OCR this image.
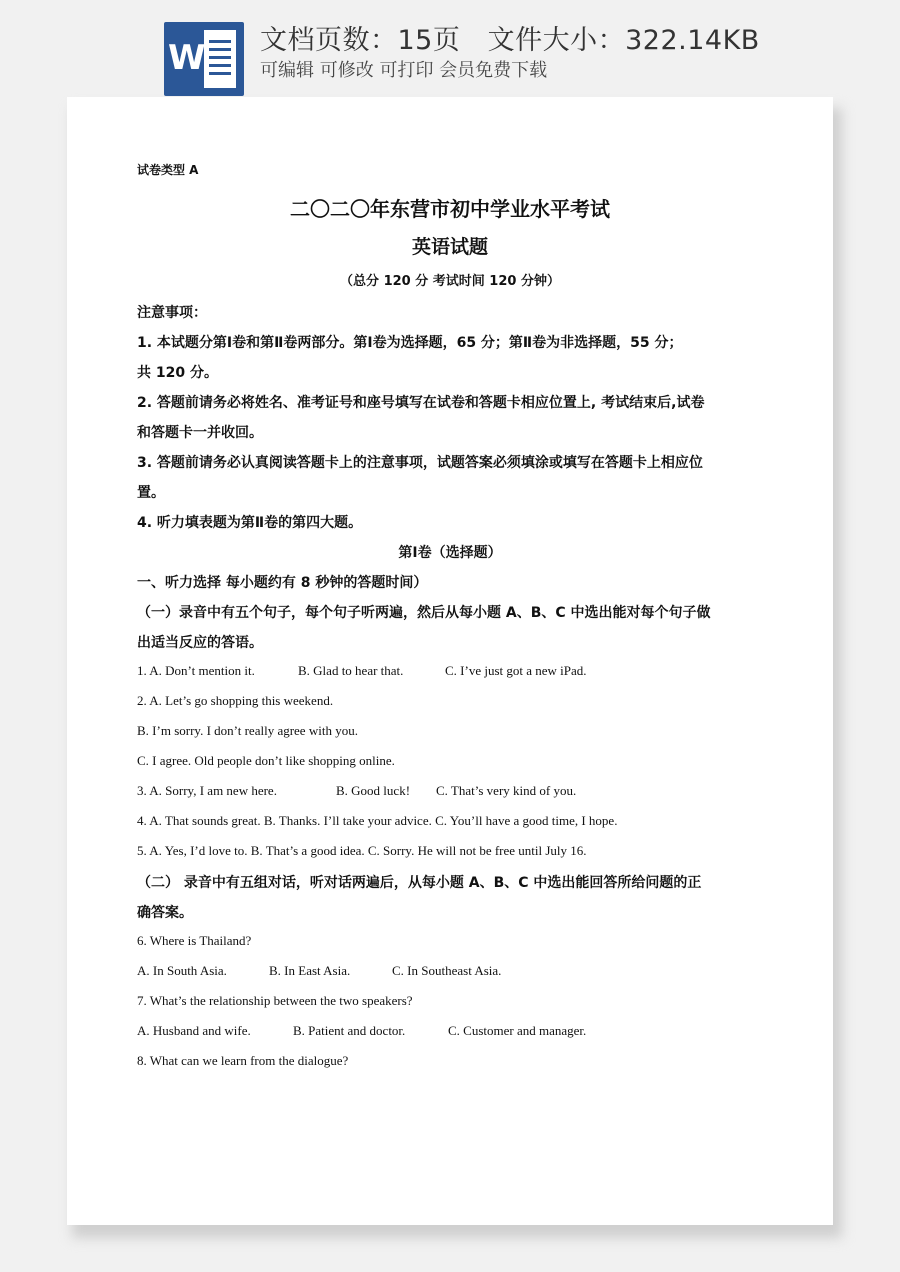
W 文档页数：15页   文件大小：322.14KB
可编辑 可修改 可打印 会员免费下载
试卷类型 A
二〇二〇年东营市初中学业水平考试
英语试题
（总分 120 分 考试时间 120 分钟）
注意事项：
1. 本试题分第Ⅰ卷和第Ⅱ卷两部分。第Ⅰ卷为选择题，65 分；第Ⅱ卷为非选择题，55 分；
共 120 分。
2. 答题前请务必将姓名、准考证号和座号填写在试卷和答题卡相应位置上, 考试结束后,试卷
和答题卡一并收回。
3. 答题前请务必认真阅读答题卡上的注意事项，试题答案必须填涂或填写在答题卡上相应位
置。
4. 听力填表题为第Ⅱ卷的第四大题。
第Ⅰ卷（选择题）
一、听力选择 每小题约有 8 秒钟的答题时间）
（一）录音中有五个句子，每个句子听两遍，然后从每小题 A、B、C 中选出能对每个句子做
出适当反应的答语。
1. A. Don’t mention it.	B. Glad to hear that.	C. I’ve just got a new iPad.
2. A. Let’s go shopping this weekend.
B. I’m sorry. I don’t really agree with you.
C. I agree. Old people don’t like shopping online.
3. A. Sorry, I am new here.	B. Good luck! C. That’s very kind of you.
4. A. That sounds great. B. Thanks. I’ll take your advice. C. You’ll have a good time, I hope.
5. A. Yes, I’d love to. B. That’s a good idea. C. Sorry. He will not be free until July 16.
（二） 录音中有五组对话，听对话两遍后，从每小题 A、B、C 中选出能回答所给问题的正
确答案。
6. Where is Thailand?
A. In South Asia.	B. In East Asia.	C. In Southeast Asia.
7. What’s the relationship between the two speakers?
A. Husband and wife.	B. Patient and doctor.	C. Customer and manager.
8. What can we learn from the dialogue?
